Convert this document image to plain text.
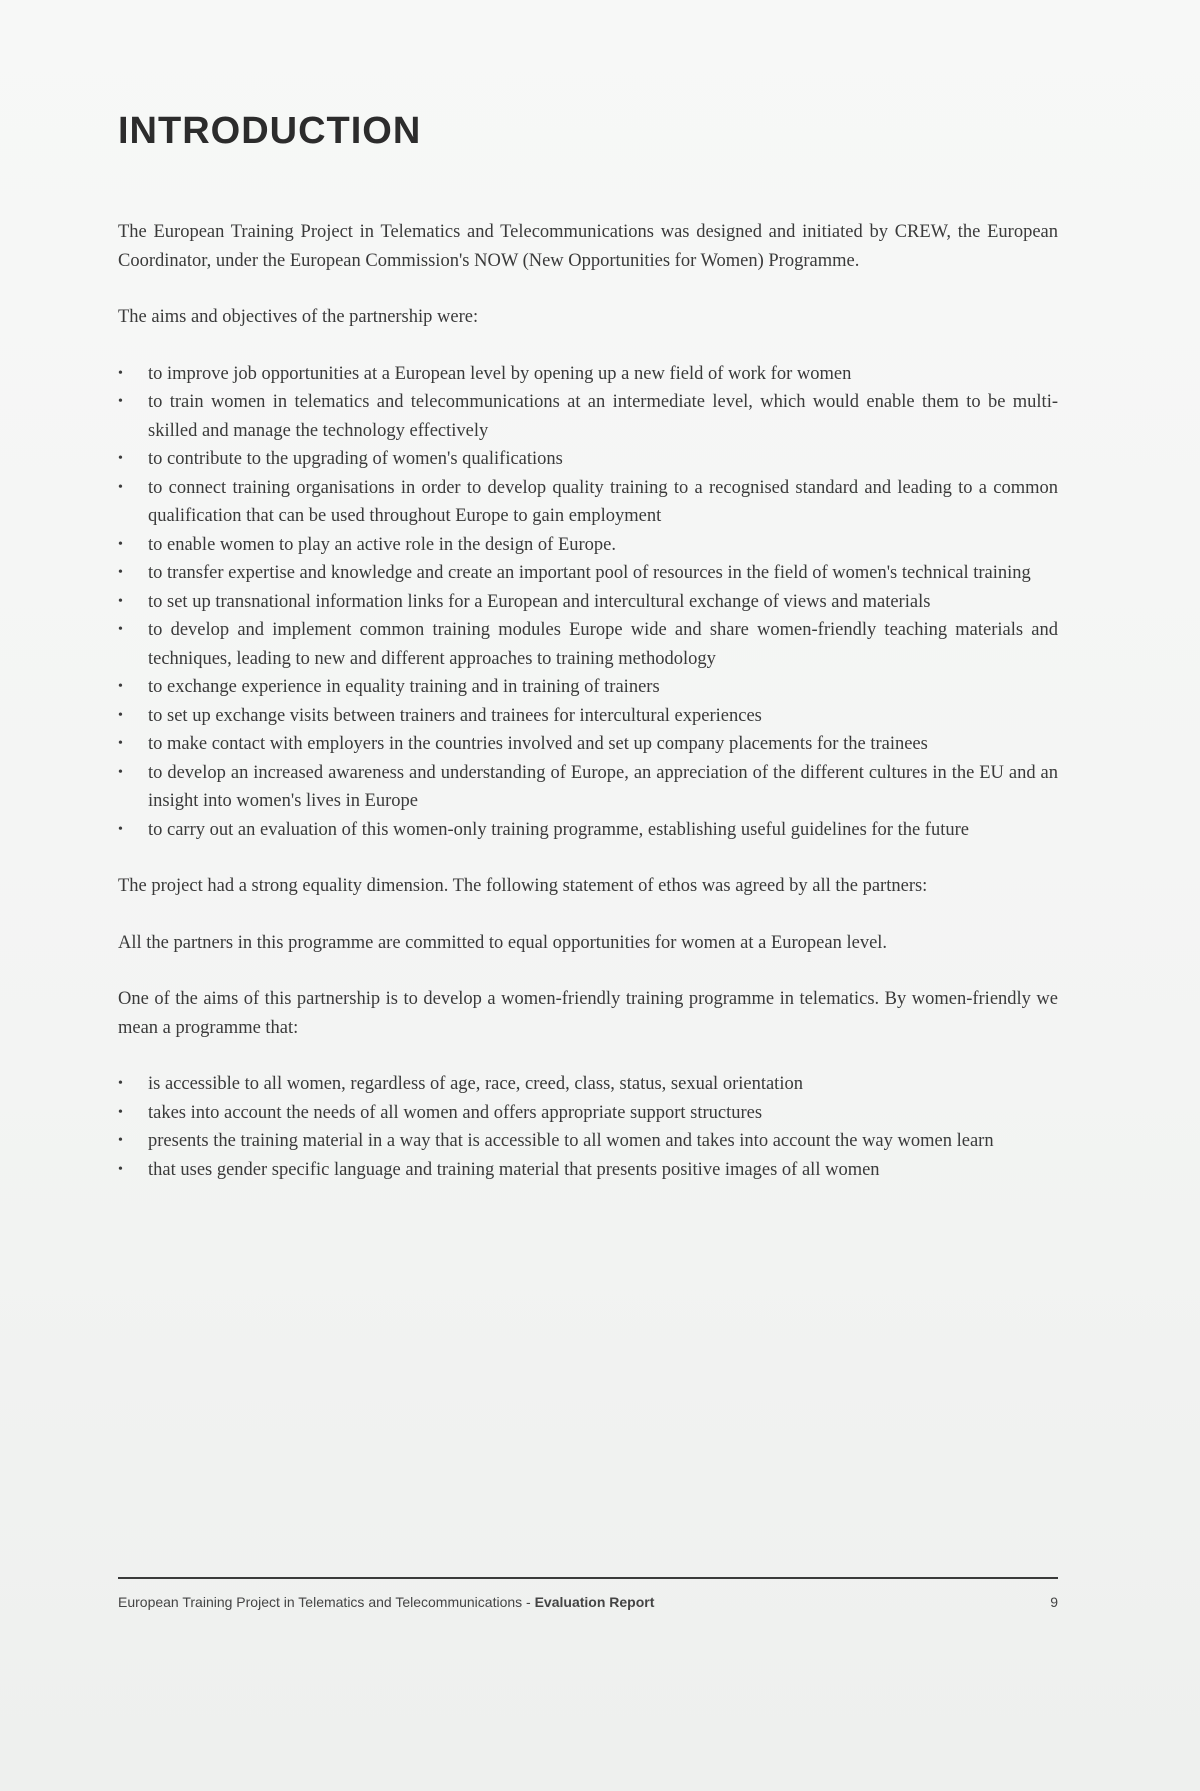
INTRODUCTION

The European Training Project in Telematics and Telecommunications was designed and initiated by CREW, the European Coordinator, under the European Commission's NOW (New Opportunities for Women) Programme.

The aims and objectives of the partnership were:

• to improve job opportunities at a European level by opening up a new field of work for women
• to train women in telematics and telecommunications at an intermediate level, which would enable them to be multi-skilled and manage the technology effectively
• to contribute to the upgrading of women's qualifications
• to connect training organisations in order to develop quality training to a recognised standard and leading to a common qualification that can be used throughout Europe to gain employment
• to enable women to play an active role in the design of Europe.
• to transfer expertise and knowledge and create an important pool of resources in the field of women's technical training
• to set up transnational information links for a European and intercultural exchange of views and materials
• to develop and implement common training modules Europe wide and share women-friendly teaching materials and techniques, leading to new and different approaches to training methodology
• to exchange experience in equality training and in training of trainers
• to set up exchange visits between trainers and trainees for intercultural experiences
• to make contact with employers in the countries involved and set up company placements for the trainees
• to develop an increased awareness and understanding of Europe, an appreciation of the different cultures in the EU and an insight into women's lives in Europe
• to carry out an evaluation of this women-only training programme, establishing useful guidelines for the future

The project had a strong equality dimension. The following statement of ethos was agreed by all the partners:

All the partners in this programme are committed to equal opportunities for women at a European level.

One of the aims of this partnership is to develop a women-friendly training programme in telematics. By women-friendly we mean a programme that:

• is accessible to all women, regardless of age, race, creed, class, status, sexual orientation
• takes into account the needs of all women and offers appropriate support structures
• presents the training material in a way that is accessible to all women and takes into account the way women learn
• that uses gender specific language and training material that presents positive images of all women
European Training Project in Telematics and Telecommunications - Evaluation Report	9
